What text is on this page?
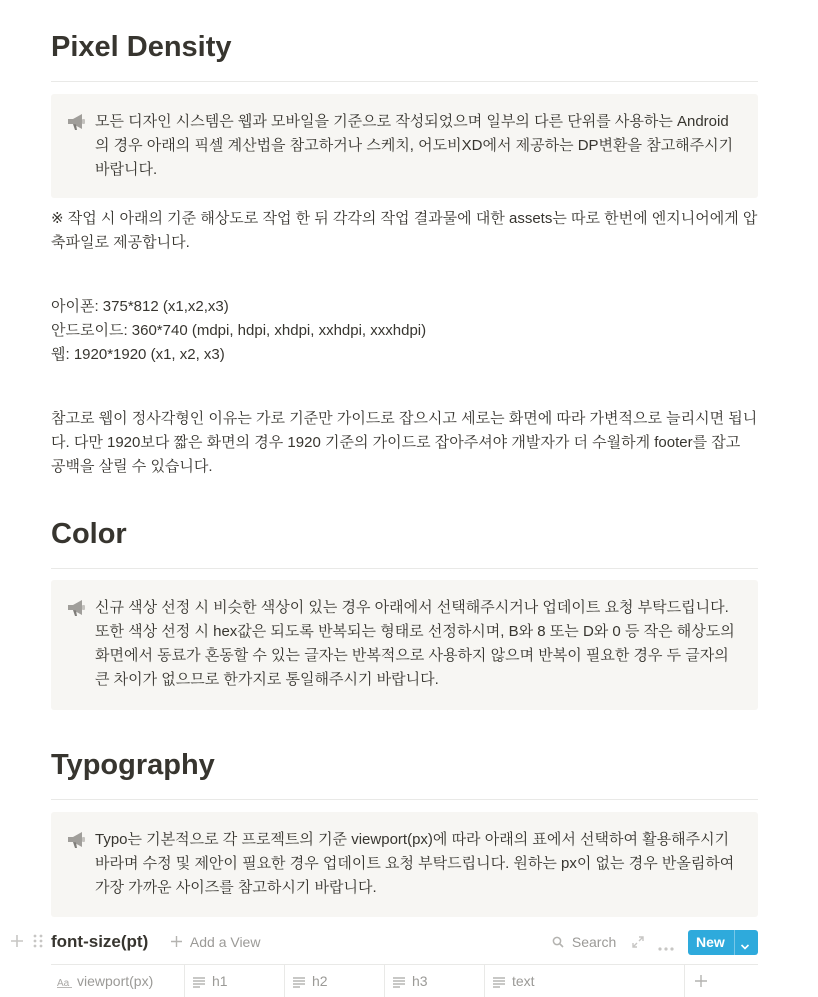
Pixel Density
모든 디자인 시스템은 웹과 모바일을 기준으로 작성되었으며 일부의 다른 단위를 사용하는 Android의 경우 아래의 픽셀 계산법을 참고하거나 스케치, 어도비XD에서 제공하는 DP변환을 참고해주시기 바랍니다.
※ 작업 시 아래의 기준 해상도로 작업 한 뒤 각각의 작업 결과물에 대한 assets는 따로 한번에 엔지니어에게 압축파일로 제공합니다.
아이폰: 375*812 (x1,x2,x3)
안드로이드: 360*740 (mdpi, hdpi, xhdpi, xxhdpi, xxxhdpi)
웹: 1920*1920 (x1, x2, x3)
참고로 웹이 정사각형인 이유는 가로 기준만 가이드로 잡으시고 세로는 화면에 따라 가변적으로 늘리시면 됩니다. 다만 1920보다 짧은 화면의 경우 1920 기준의 가이드로 잡아주셔야 개발자가 더 수월하게 footer를 잡고 공백을 살릴 수 있습니다.
Color
신규 색상 선정 시 비슷한 색상이 있는 경우 아래에서 선택해주시거나 업데이트 요청 부탁드립니다. 또한 색상 선정 시 hex값은 되도록 반복되는 형태로 선정하시며, B와 8 또는 D와 0 등 작은 해상도의 화면에서 동료가 혼동할 수 있는 글자는 반복적으로 사용하지 않으며 반복이 필요한 경우 두 글자의 큰 차이가 없으므로 한가지로 통일해주시기 바랍니다.
Typography
Typo는 기본적으로 각 프로젝트의 기준 viewport(px)에 따라 아래의 표에서 선택하여 활용해주시기 바라며 수정 및 제안이 필요한 경우 업데이트 요청 부탁드립니다. 원하는 px이 없는 경우 반올림하여 가장 가까운 사이즈를 참고하시기 바랍니다.
font-size(pt)	Add a View	Search	New
Aa viewport(px)	h1	h2	h3	text
